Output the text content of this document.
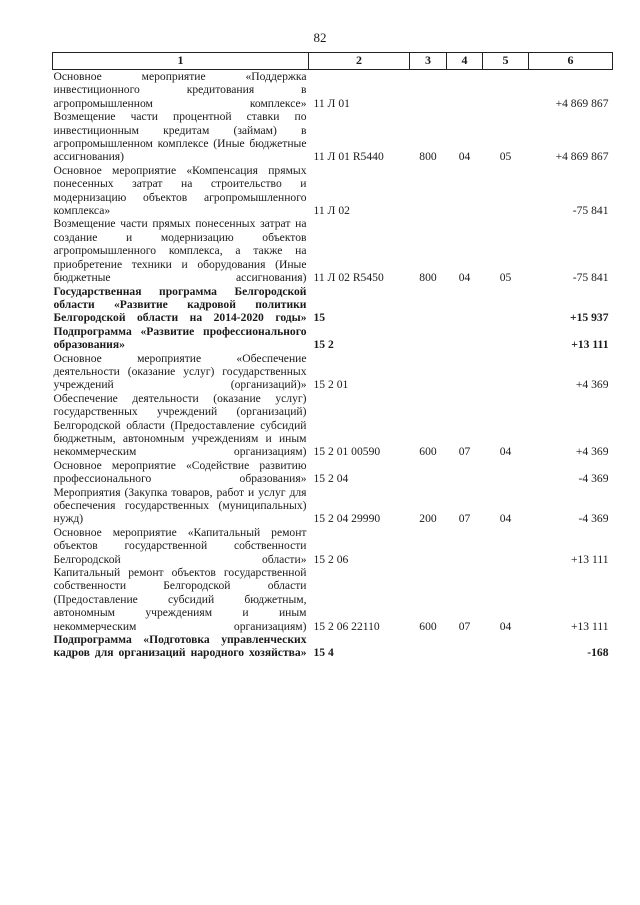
82
1	2	3	4	5	6
Основное мероприятие «Поддержка инвестиционного кредитования в агропромышленном комплексе»	11 Л 01				+4 869 867
Возмещение части процентной ставки по инвестиционным кредитам (займам) в агропромышленном комплексе (Иные бюджетные ассигнования)	11 Л 01 R5440	800	04	05	+4 869 867
Основное мероприятие «Компенсация прямых понесенных затрат на строительство и модернизацию объектов агропромышленного комплекса»	11 Л 02				-75 841
Возмещение части прямых понесенных затрат на создание и модернизацию объектов агропромышленного комплекса, а также на приобретение техники и оборудования (Иные бюджетные ассигнования)	11 Л 02 R5450	800	04	05	-75 841
Государственная программа Белгородской области «Развитие кадровой политики Белгородской области на 2014-2020 годы»	15				+15 937
Подпрограмма «Развитие профессионального образования»	15 2				+13 111
Основное мероприятие «Обеспечение деятельности (оказание услуг) государственных учреждений (организаций)»	15 2 01				+4 369
Обеспечение деятельности (оказание услуг) государственных учреждений (организаций) Белгородской области (Предоставление субсидий бюджетным, автономным учреждениям и иным некоммерческим организациям)	15 2 01 00590	600	07	04	+4 369
Основное мероприятие «Содействие развитию профессионального образования»	15 2 04				-4 369
Мероприятия (Закупка товаров, работ и услуг для обеспечения государственных (муниципальных) нужд)	15 2 04 29990	200	07	04	-4 369
Основное мероприятие «Капитальный ремонт объектов государственной собственности Белгородской области»	15 2 06				+13 111
Капитальный ремонт объектов государственной собственности Белгородской области (Предоставление субсидий бюджетным, автономным учреждениям и иным некоммерческим организациям)	15 2 06 22110	600	07	04	+13 111
Подпрограмма «Подготовка управленческих кадров для организаций народного хозяйства»	15 4				-168
